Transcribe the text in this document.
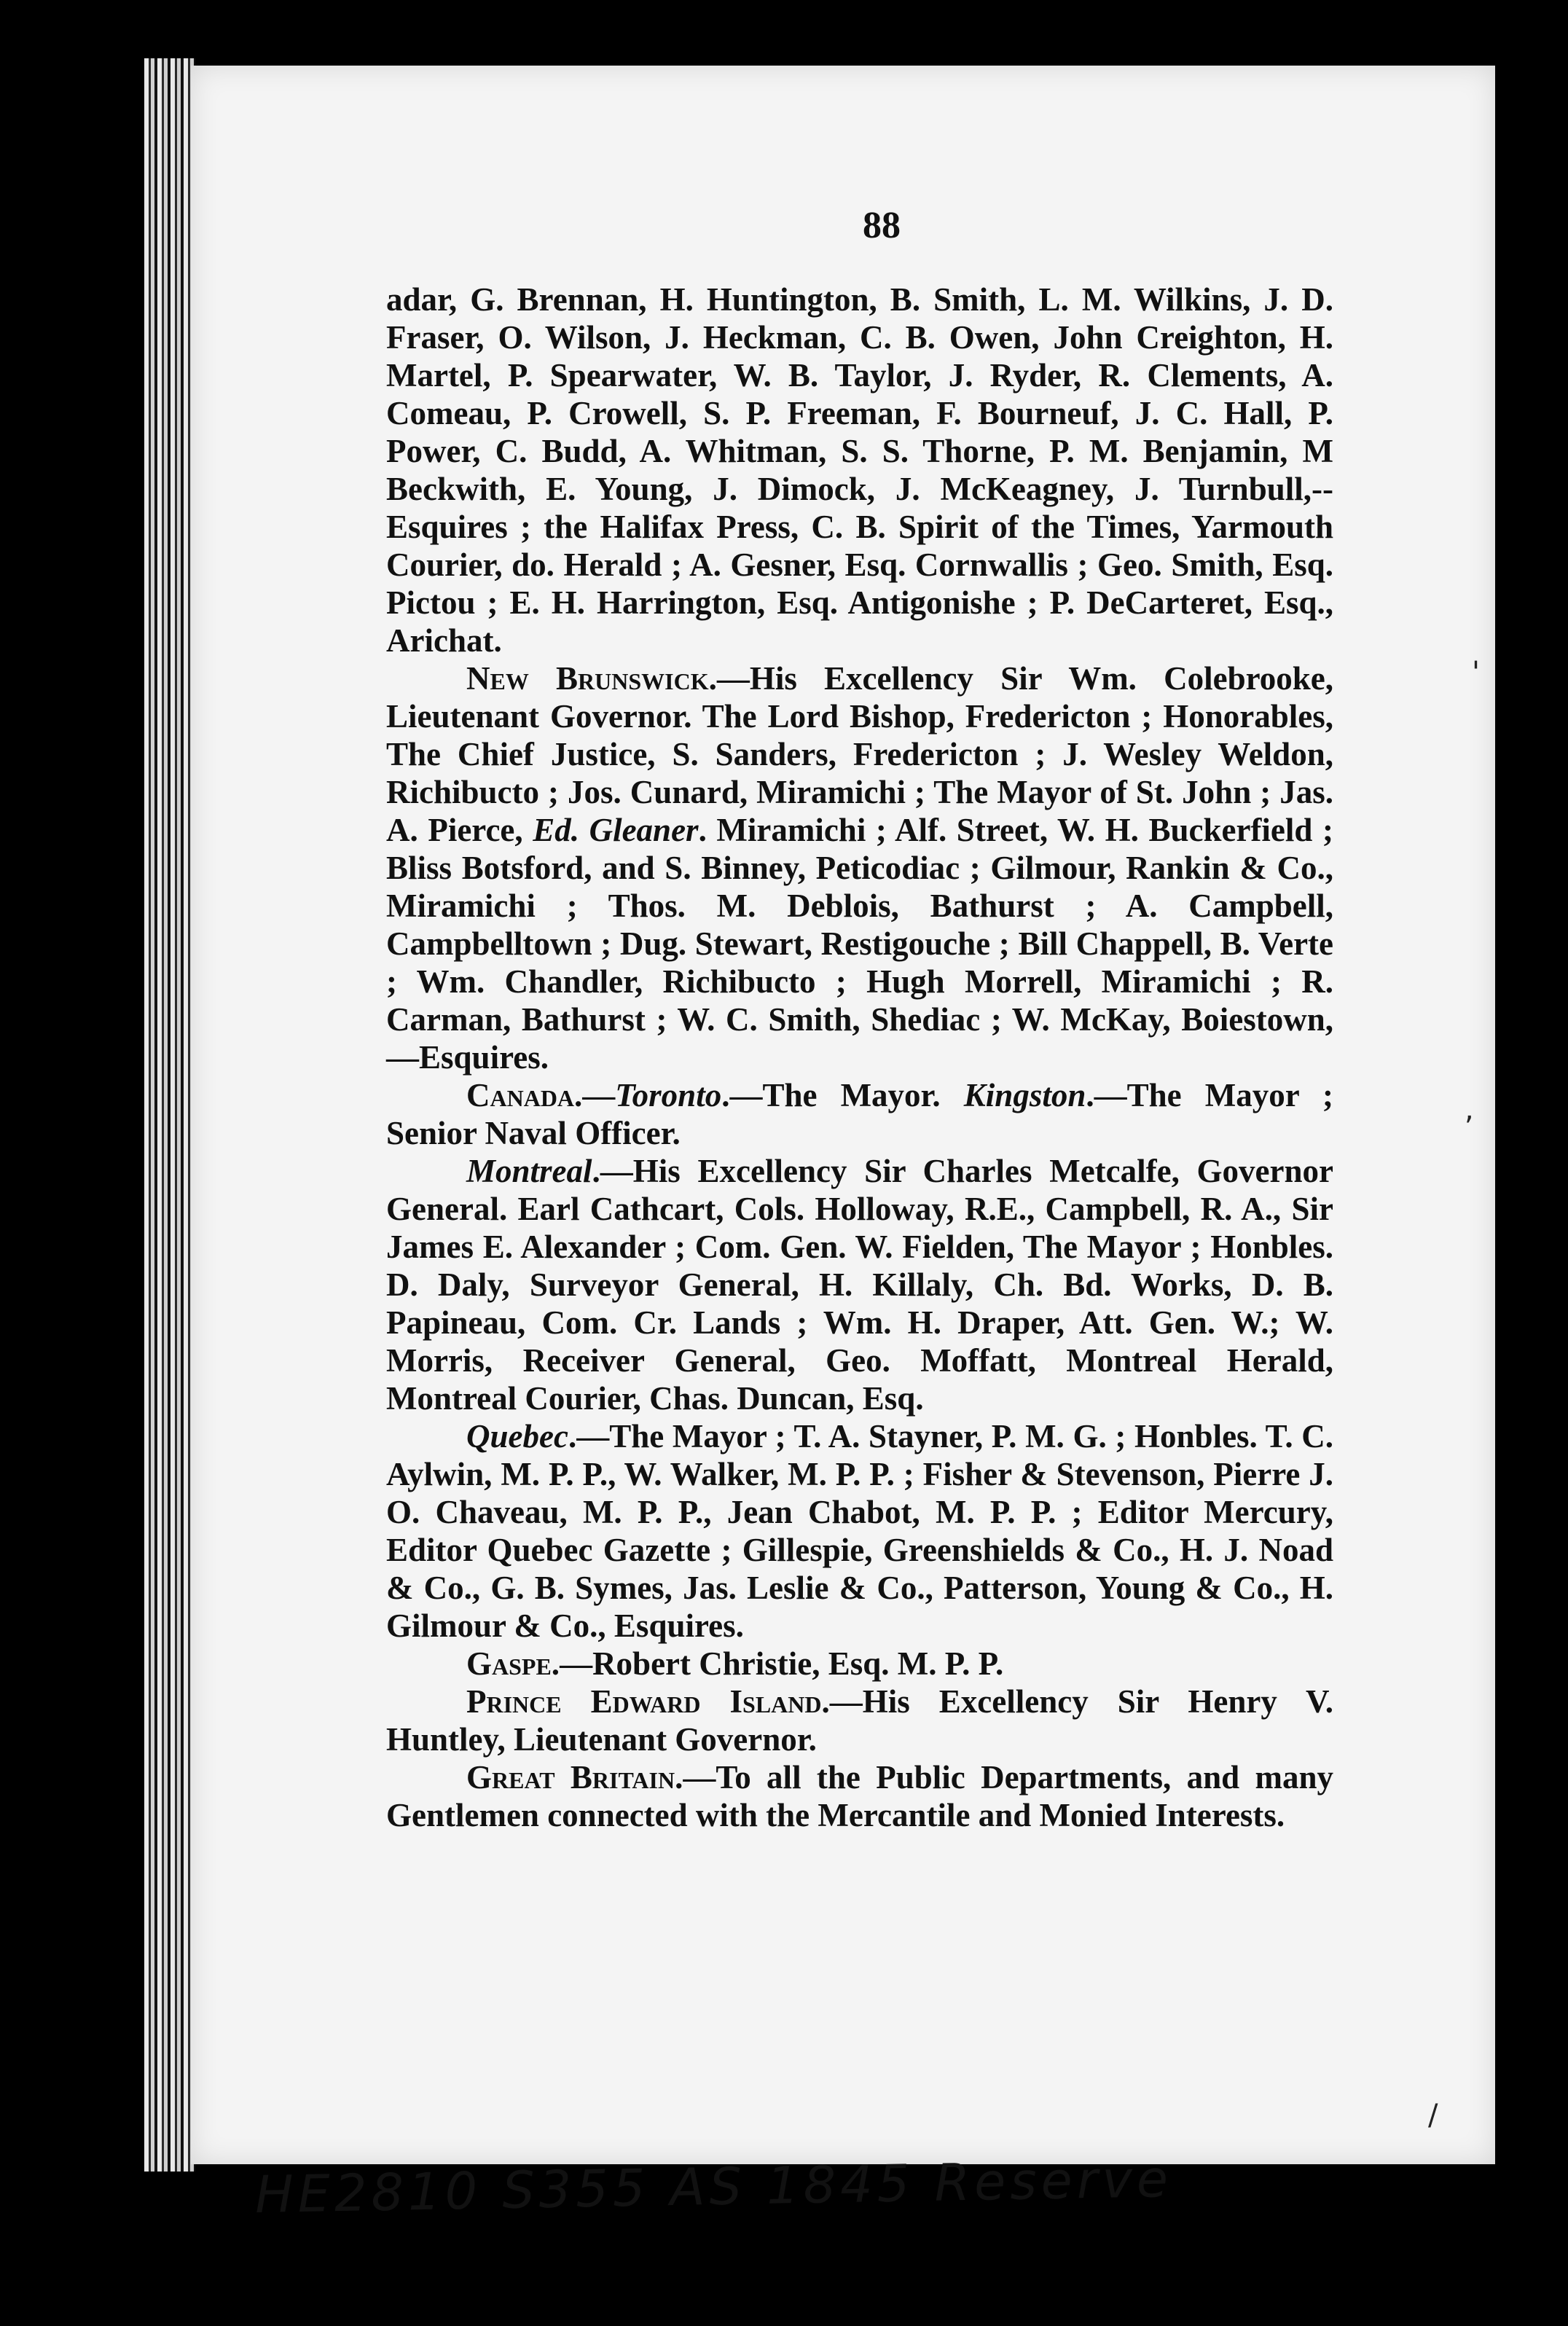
88

adar, G. Brennan, H. Huntington, B. Smith, L. M. Wilkins, J. D. Fraser, O. Wilson, J. Heckman, C. B. Owen, John Creighton, H. Martel, P. Spearwater, W. B. Taylor, J. Ryder, R. Clements, A. Comeau, P. Crowell, S. P. Freeman, F. Bourneuf, J. C. Hall, P. Power, C. Budd, A. Whitman, S. S. Thorne, P. M. Benjamin, M Beckwith, E. Young, J. Dimock, J. McKeagney, J. Turnbull,--Esquires ; the Halifax Press, C. B. Spirit of the Times, Yarmouth Courier, do. Herald ; A. Gesner, Esq. Cornwallis ; Geo. Smith, Esq. Pictou ; E. H. Harrington, Esq. Antigonishe ; P. DeCarteret, Esq., Arichat.

New Brunswick.—His Excellency Sir Wm. Colebrooke, Lieutenant Governor. The Lord Bishop, Fredericton ; Honorables, The Chief Justice, S. Sanders, Fredericton ; J. Wesley Weldon, Richibucto ; Jos. Cunard, Miramichi ; The Mayor of St. John ; Jas. A. Pierce, Ed. Gleaner. Miramichi ; Alf. Street, W. H. Buckerfield ; Bliss Botsford, and S. Binney, Peticodiac ; Gilmour, Rankin & Co., Miramichi ; Thos. M. Deblois, Bathurst ; A. Campbell, Campbelltown ; Dug. Stewart, Restigouche ; Bill Chappell, B. Verte ; Wm. Chandler, Richibucto ; Hugh Morrell, Miramichi ; R. Carman, Bathurst ; W. C. Smith, Shediac ; W. McKay, Boiestown,—Esquires.

Canada.—Toronto.—The Mayor. Kingston.—The Mayor ; Senior Naval Officer.

Montreal.—His Excellency Sir Charles Metcalfe, Governor General. Earl Cathcart, Cols. Holloway, R.E., Campbell, R. A., Sir James E. Alexander ; Com. Gen. W. Fielden, The Mayor ; Honbles. D. Daly, Surveyor General, H. Killaly, Ch. Bd. Works, D. B. Papineau, Com. Cr. Lands ; Wm. H. Draper, Att. Gen. W.; W. Morris, Receiver General, Geo. Moffatt, Montreal Herald, Montreal Courier, Chas. Duncan, Esq.

Quebec.—The Mayor ; T. A. Stayner, P. M. G. ; Honbles. T. C. Aylwin, M. P. P., W. Walker, M. P. P. ; Fisher & Stevenson, Pierre J. O. Chaveau, M. P. P., Jean Chabot, M. P. P. ; Editor Mercury, Editor Quebec Gazette ; Gillespie, Greenshields & Co., H. J. Noad & Co., G. B. Symes, Jas. Leslie & Co., Patterson, Young & Co., H. Gilmour & Co., Esquires.

Gaspe.—Robert Christie, Esq. M. P. P.

Prince Edward Island.—His Excellency Sir Henry V. Huntley, Lieutenant Governor.

Great Britain.—To all the Public Departments, and many Gentlemen connected with the Mercantile and Monied Interests.

HE2810 S355 AS 1845 Reserve
,
'
/
